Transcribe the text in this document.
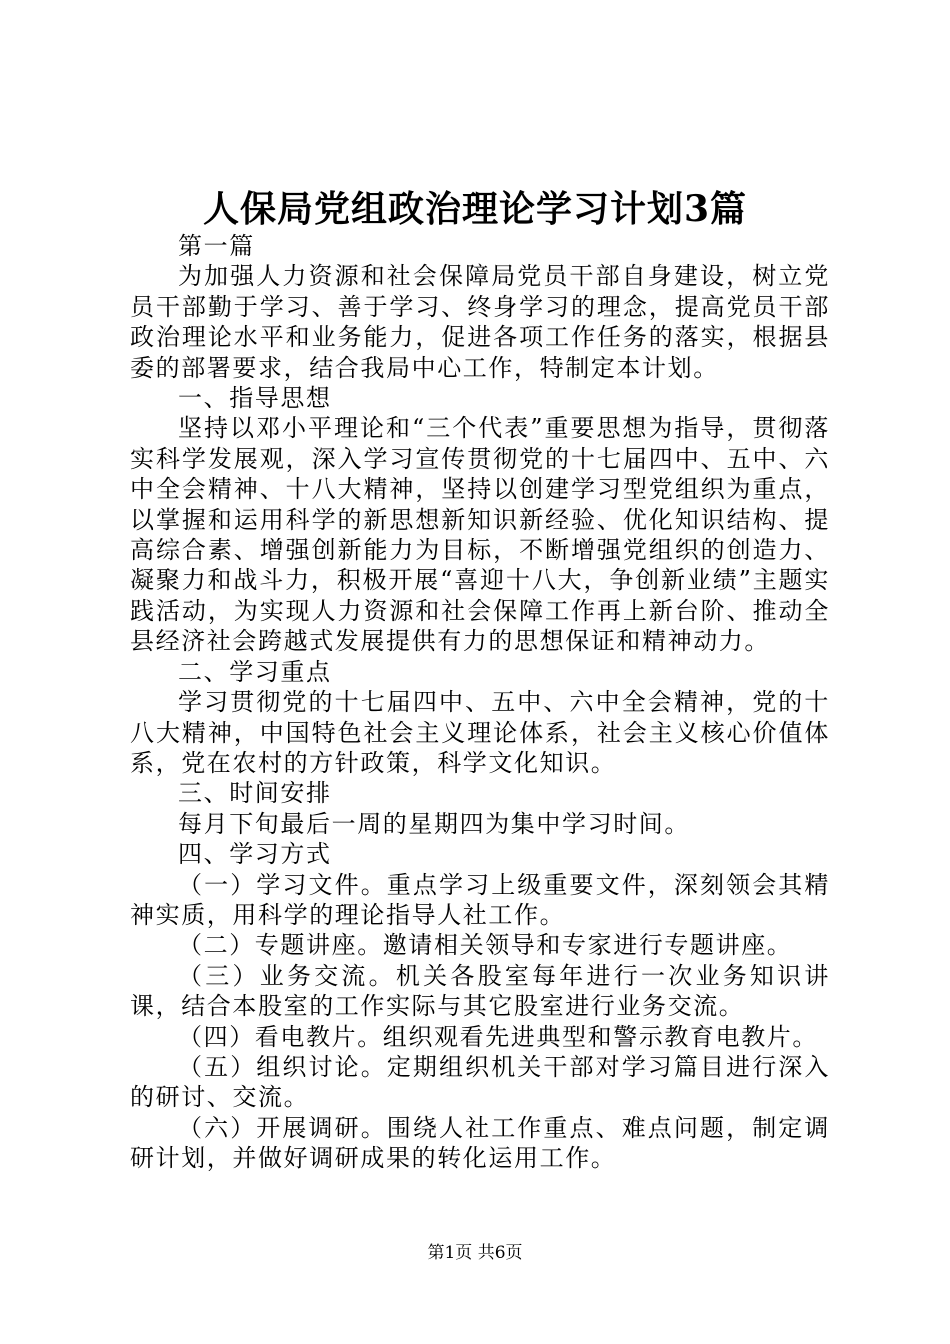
人保局党组政治理论学习计划3篇

第一篇

为加强人力资源和社会保障局党员干部自身建设，树立党员干部勤于学习、善于学习、终身学习的理念，提高党员干部政治理论水平和业务能力，促进各项工作任务的落实，根据县委的部署要求，结合我局中心工作，特制定本计划。

一、指导思想

坚持以邓小平理论和“三个代表”重要思想为指导，贯彻落实科学发展观，深入学习宣传贯彻党的十七届四中、五中、六中全会精神、十八大精神，坚持以创建学习型党组织为重点，以掌握和运用科学的新思想新知识新经验、优化知识结构、提高综合素、增强创新能力为目标，不断增强党组织的创造力、凝聚力和战斗力，积极开展“喜迎十八大，争创新业绩”主题实践活动，为实现人力资源和社会保障工作再上新台阶、推动全县经济社会跨越式发展提供有力的思想保证和精神动力。

二、学习重点

学习贯彻党的十七届四中、五中、六中全会精神，党的十八大精神，中国特色社会主义理论体系，社会主义核心价值体系，党在农村的方针政策，科学文化知识。

三、时间安排

每月下旬最后一周的星期四为集中学习时间。

四、学习方式

（一）学习文件。重点学习上级重要文件，深刻领会其精神实质，用科学的理论指导人社工作。

（二）专题讲座。邀请相关领导和专家进行专题讲座。

（三）业务交流。机关各股室每年进行一次业务知识讲课，结合本股室的工作实际与其它股室进行业务交流。

（四）看电教片。组织观看先进典型和警示教育电教片。

（五）组织讨论。定期组织机关干部对学习篇目进行深入的研讨、交流。

（六）开展调研。围绕人社工作重点、难点问题，制定调研计划，并做好调研成果的转化运用工作。

第1页 共6页
